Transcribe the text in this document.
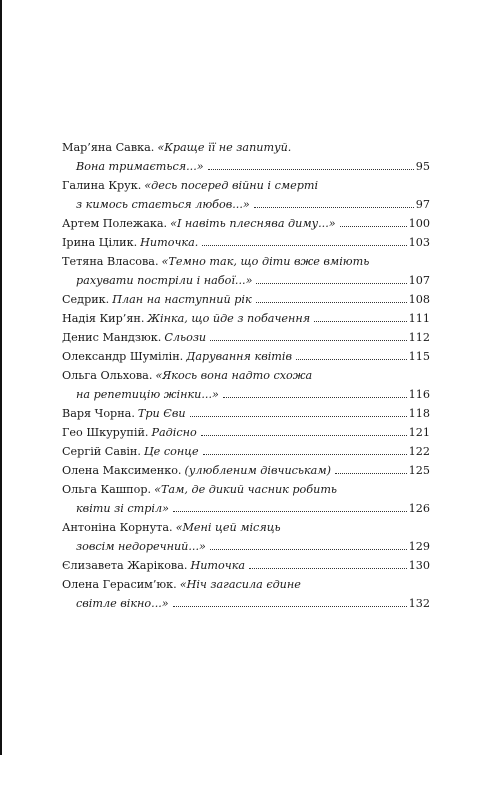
Мар’яна Савка. «Краще її не запитуй.
Вона тримається...»	95
Галина Крук. «десь посеред війни і смерті
з кимось стається любов...»	97
Артем Полежака. «І навіть плеснява диму...»	100
Ірина Цілик. Ниточка.	103
Тетяна Власова. «Темно так, що діти вже вміють
рахувати постріли і набої...»	107
Седрик. План на наступний рік	108
Надія Кир’ян. Жінка, що йде з побачення	111
Денис Мандзюк. Сльози	112
Олександр Шумілін. Дарування квітів	115
Ольга Ольхова. «Якось вона надто схожа
на репетицію жінки...»	116
Варя Чорна. Три Єви	118
Гео Шкурупій. Радісно	121
Сергій Савін. Це сонце	122
Олена Максименко. (улюбленим дівчиськам)	125
Ольга Кашпор. «Там, де дикий часник робить
квіти зі стріл»	126
Антоніна Корнута. «Мені цей місяць
зовсім недоречний...»	129
Єлизавета Жарікова. Ниточка	130
Олена Герасим’юк. «Ніч загасила єдине
світле вікно...»	132
